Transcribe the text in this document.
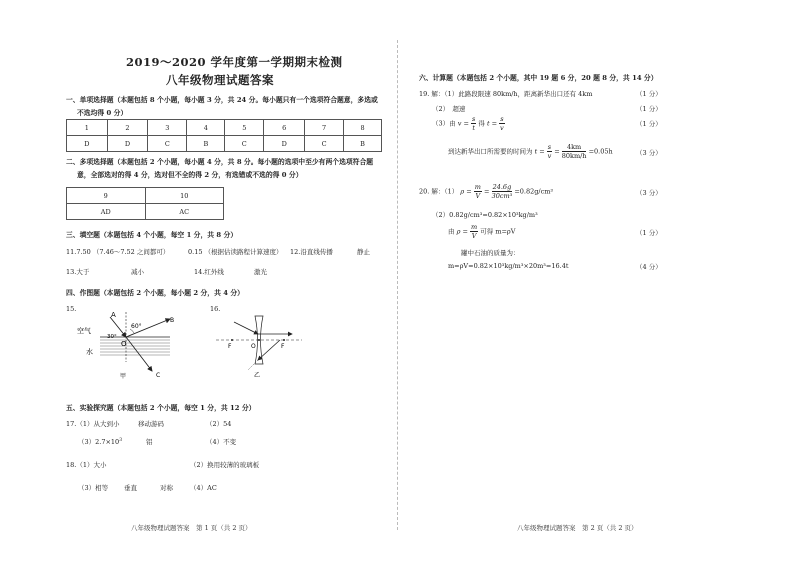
2019～2020 学年度第一学期期末检测
八年级物理试题答案
一、单项选择题（本题包括 8 个小题，每小题 3 分，共 24 分。每小题只有一个选项符合题意，多选或
不选均得 0 分）
1	2	3	4	5	6	7	8
D	D	C	B	C	D	C	B
二、多项选择题（本题包括 2 个小题，每小题 4 分，共 8 分。每小题的选项中至少有两个选项符合题
意，全部选对的得 4 分，选对但不全的得 2 分，有选错或不选的得 0 分）
9	10
AD	AC
三、填空题（本题包括 4 个小题，每空 1 分，共 8 分）
11.7.50 （7.46～7.52 之间都可）	0.15 （根据估读路程计算速度） 12.沿直线传播	静止
13.大于	减小	14.红外线	激光
四、作图题（本题包括 2 个小题，每小题 2 分，共 4 分）
15.	16.
A
B
C
O
空气
水
30°
60°
甲
F	O	F
乙
五、实验探究题（本题包括 2 个小题，每空 1 分，共 12 分）
17.（1）从大到小	移动游码	（2）54
$(3)2.7\times 10^3$	铝	（4）不变
18.（1）大小	（2）换用较薄的玻璃板
（3）相等 垂直	对称	（4）AC
八年级物理试题答案　第 1 页（共 2 页）
六、计算题（本题包括 2 个小题，其中 19 题 6 分，20 题 8 分，共 14 分）
19. 解：（1）此路段限速 80km/h，距离新华出口还有 4km	（1 分）
（2）　超速	（1 分）
（3）由 $v = \frac{s}{t}$ 得 $t = \frac{s}{v}$	（1 分）
到达新华出口所需要的时间为 $t = \frac{s}{v} = \frac{4km}{80km/h} =0.05h$	（3 分）
20. 解：（1） $\rho = \frac{m}{V} = \frac{24.6g}{\text{30cm³}} =0.82g/cm^3$	（3 分）
（2）0.82g/cm³=0.82×10³kg/m³
由 $\rho = \frac{m}{V}$ 可得 m=ρV	（1 分）
罐中石油的质量为：
m=ρV=0.82×10³kg/m³×20m³=16.4t	（4 分）
八年级物理试题答案　第 2 页（共 2 页）
